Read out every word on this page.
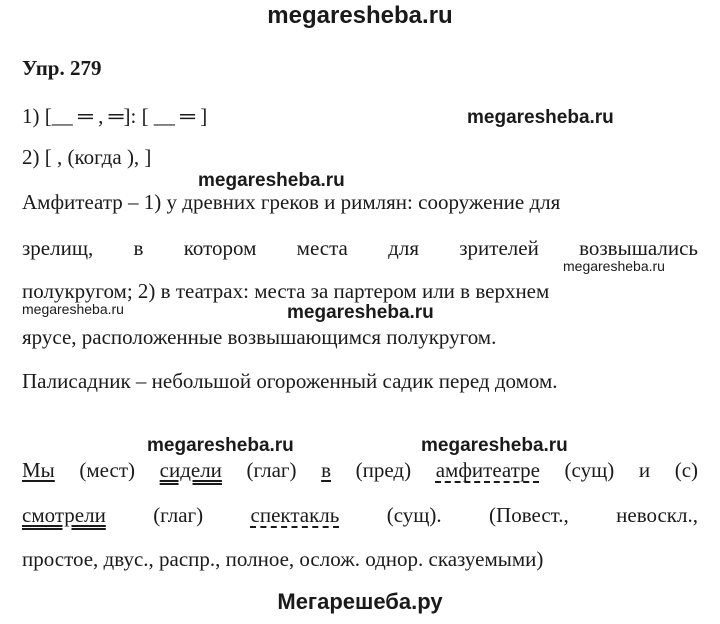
megaresheba.ru
Упр. 279
1) [__ ═ , ═]: [ __ ═ ]	megaresheba.ru
2) [ , (когда ), ]
megaresheba.ru
Амфитеатр – 1) у древних греков и римлян: сооружение для
зрелищ, в котором места для зрителей возвышались
megaresheba.ru
полукругом; 2) в театрах: места за партером или в верхнем
megaresheba.ru	megaresheba.ru
ярусе, расположенные возвышающимся полукругом.
Палисадник – небольшой огороженный садик перед домом.
megaresheba.ru	megaresheba.ru
Мы (мест) сидели (глаг) в (пред) амфитеатре (сущ) и (с)
смотрели (глаг) спектакль (сущ). (Повест., невоскл.,
простое, двус., распр., полное, ослож. однор. сказуемыми)
Мегарешеба.ру
